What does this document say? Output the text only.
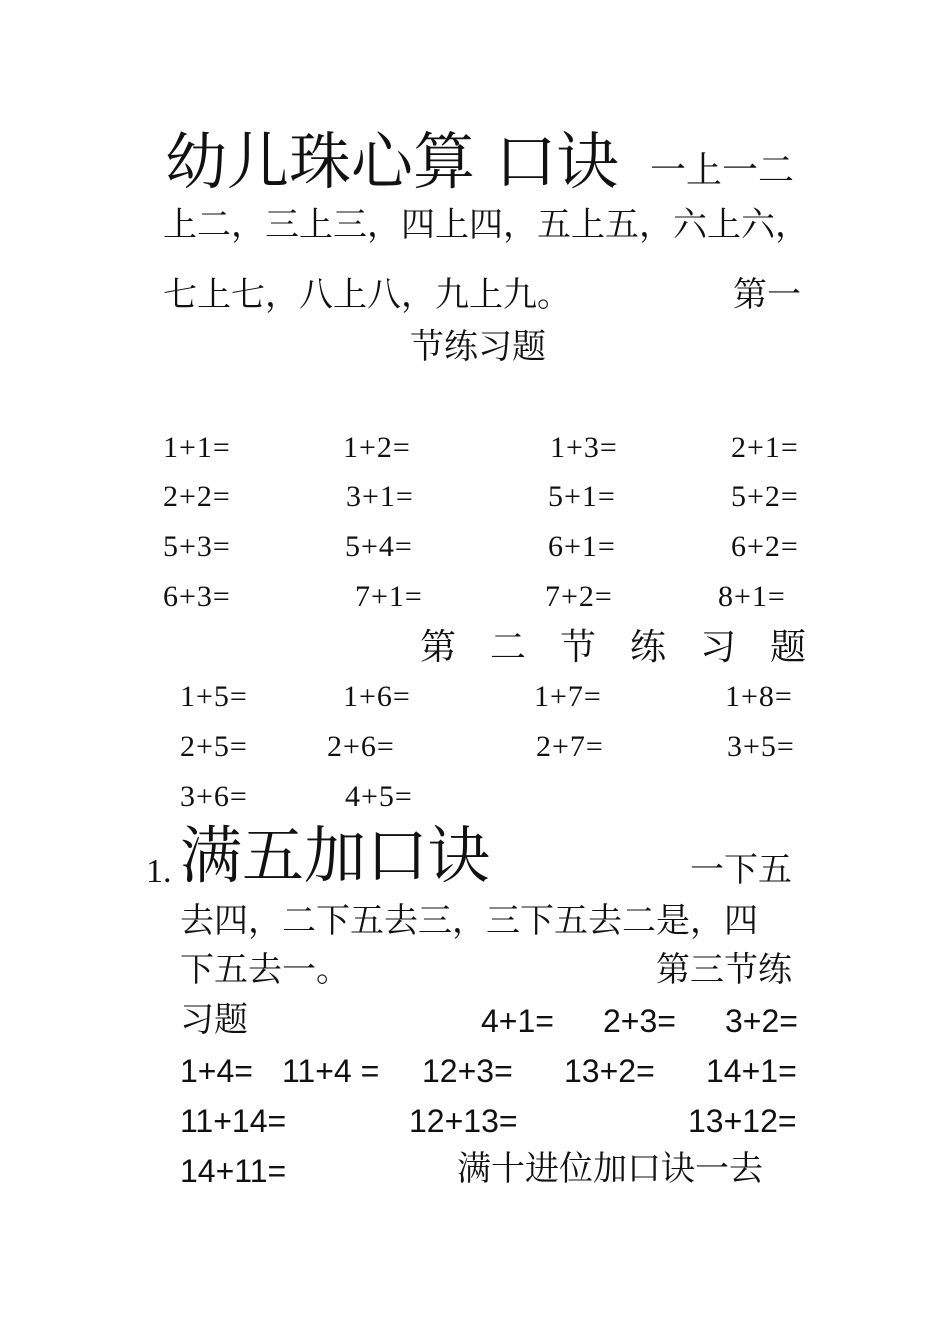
幼儿珠心算 口诀 一上一二
上二，三上三，四上四，五上五，六上六，
七上七，八上八，九上九。	第一
节练习题
1+1=	1+2=	1+3=	2+1=
2+2=	3+1=	5+1=	5+2=
5+3=	5+4=	6+1=	6+2=
6+3=	7+1=	7+2=	8+1=
第二节练习题
1+5=	1+6=	1+7=	1+8=
2+5=	2+6=	2+7=	3+5=
3+6=	4+5=
1. 满五加口诀	一下五
去四，二下五去三，三下五去二是，四
下五去一。	第三节练
习题	4+1= 2+3= 3+2=
1+4= 11+4 = 12+3= 13+2= 14+1=
11+14=	12+13=	13+12=
14+11=	满十进位加口诀一去
